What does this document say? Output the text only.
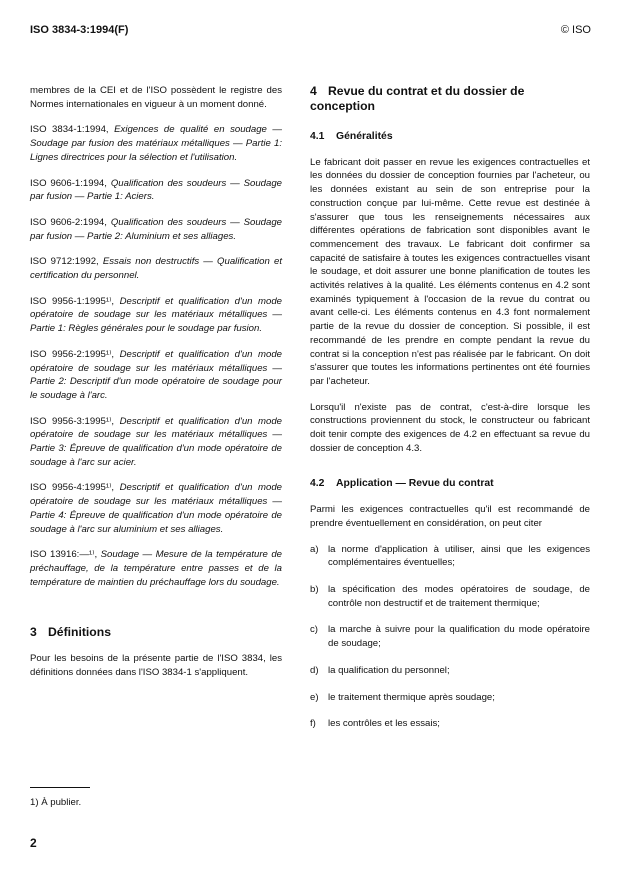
ISO 3834-3:1994(F)	© ISO

membres de la CEI et de l'ISO possèdent le registre des Normes internationales en vigueur à un moment donné.

ISO 3834-1:1994, Exigences de qualité en soudage — Soudage par fusion des matériaux métalliques — Partie 1: Lignes directrices pour la sélection et l'utilisation.
ISO 9606-1:1994, Qualification des soudeurs — Soudage par fusion — Partie 1: Aciers.
ISO 9606-2:1994, Qualification des soudeurs — Soudage par fusion — Partie 2: Aluminium et ses alliages.
ISO 9712:1992, Essais non destructifs — Qualification et certification du personnel.
ISO 9956-1:1995¹⁾, Descriptif et qualification d'un mode opératoire de soudage sur les matériaux métalliques — Partie 1: Règles générales pour le soudage par fusion.
ISO 9956-2:1995¹⁾, Descriptif et qualification d'un mode opératoire de soudage sur les matériaux métalliques — Partie 2: Descriptif d'un mode opératoire de soudage pour le soudage à l'arc.
ISO 9956-3:1995¹⁾, Descriptif et qualification d'un mode opératoire de soudage sur les matériaux métalliques — Partie 3: Épreuve de qualification d'un mode opératoire de soudage à l'arc sur acier.
ISO 9956-4:1995¹⁾, Descriptif et qualification d'un mode opératoire de soudage sur les matériaux métalliques — Partie 4: Épreuve de qualification d'un mode opératoire de soudage à l'arc sur aluminium et ses alliages.
ISO 13916:—¹⁾, Soudage — Mesure de la température de préchauffage, de la température entre passes et de la température de maintien du préchauffage lors du soudage.
3 Définitions

Pour les besoins de la présente partie de l'ISO 3834, les définitions données dans l'ISO 3834-1 s'appliquent.

4 Revue du contrat et du dossier de conception
4.1 Généralités

Le fabricant doit passer en revue les exigences contractuelles et les données du dossier de conception fournies par l'acheteur, ou les données existant au sein de son entreprise pour la construction conçue par lui-même. Cette revue est destinée à s'assurer que tous les renseignements nécessaires aux différentes opérations de fabrication sont disponibles avant le commencement des travaux. Le fabricant doit confirmer sa capacité de satisfaire à toutes les exigences contractuelles visant le soudage, et doit assurer une bonne planification de toutes les activités relatives à la qualité. Les éléments contenus en 4.2 sont examinés typiquement à l'occasion de la revue du contrat ou avant celle-ci. Les éléments contenus en 4.3 font normalement partie de la revue du dossier de conception. Si possible, il est recommandé de les prendre en compte pendant la revue du contrat si la conception n'est pas réalisée par le fabricant. On doit s'assurer que toutes les informations pertinentes ont été fournies par l'acheteur.

Lorsqu'il n'existe pas de contrat, c'est-à-dire lorsque les constructions proviennent du stock, le constructeur ou fabricant doit tenir compte des exigences de 4.2 en effectuant sa revue du dossier de conception 4.3.

4.2 Application — Revue du contrat

Parmi les exigences contractuelles qu'il est recommandé de prendre éventuellement en considération, on peut citer

a) la norme d'application à utiliser, ainsi que les exigences complémentaires éventuelles;
b) la spécification des modes opératoires de soudage, de contrôle non destructif et de traitement thermique;
c)	la marche à suivre pour la qualification du mode opératoire de soudage;
d) la qualification du personnel;
e) le traitement thermique après soudage;
f)	les contrôles et les essais;
1) À publier.
2
